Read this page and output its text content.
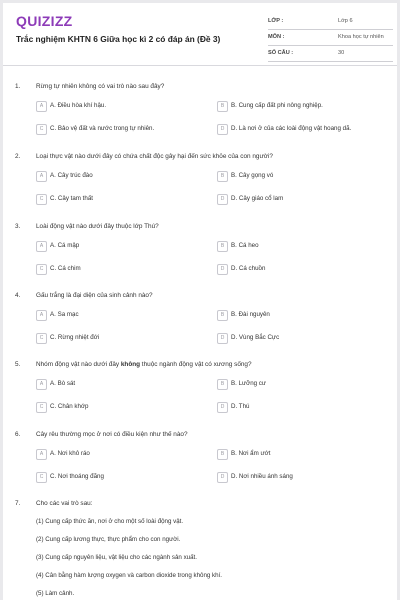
QUIZIZZ
Trắc nghiệm KHTN 6 Giữa học kì 2 có đáp án (Đề 3)
LỚP :	Lớp 6
MÔN :	Khoa học tự nhiên
SỐ CÂU :	30
1. Rừng tự nhiên không có vai trò nào sau đây?
A	A. Điều hòa khí hậu.	B	B. Cung cấp đất phi nông nghiệp.
C	C. Bảo vệ đất và nước trong tự nhiên.	D	D. Là nơi ở của các loài động vật hoang dã.
2. Loại thực vật nào dưới đây có chứa chất độc gây hại đến sức khỏe của con người?
A	A. Cây trúc đào	B	B. Cây gọng vó
C	C. Cây tam thất	D	D. Cây giáo cổ lam
3. Loài động vật nào dưới đây thuộc lớp Thú?
A	A. Cá mập	B	B. Cá heo
C	C. Cá chim	D	D. Cá chuồn
4. Gấu trắng là đại diện của sinh cảnh nào?
A	A. Sa mạc	B	B. Đài nguyên
C	C. Rừng nhiệt đới	D	D. Vùng Bắc Cực
5. Nhóm động vật nào dưới đây không thuộc ngành động vật có xương sống?
A	A. Bò sát	B	B. Lưỡng cư
C	C. Chân khớp	D	D. Thú
6. Cây rêu thường mọc ở nơi có điều kiện như thế nào?
A	A. Nơi khô ráo	B	B. Nơi ẩm ướt
C	C. Nơi thoáng đãng	D	D. Nơi nhiều ánh sáng
7. Cho các vai trò sau:
(1) Cung cấp thức ăn, nơi ở cho một số loài động vật.
(2) Cung cấp lương thực, thực phẩm cho con người.
(3) Cung cấp nguyên liệu, vật liệu cho các ngành sản xuất.
(4) Cân bằng hàm lượng oxygen và carbon dioxide trong không khí.
(5) Làm cảnh.
